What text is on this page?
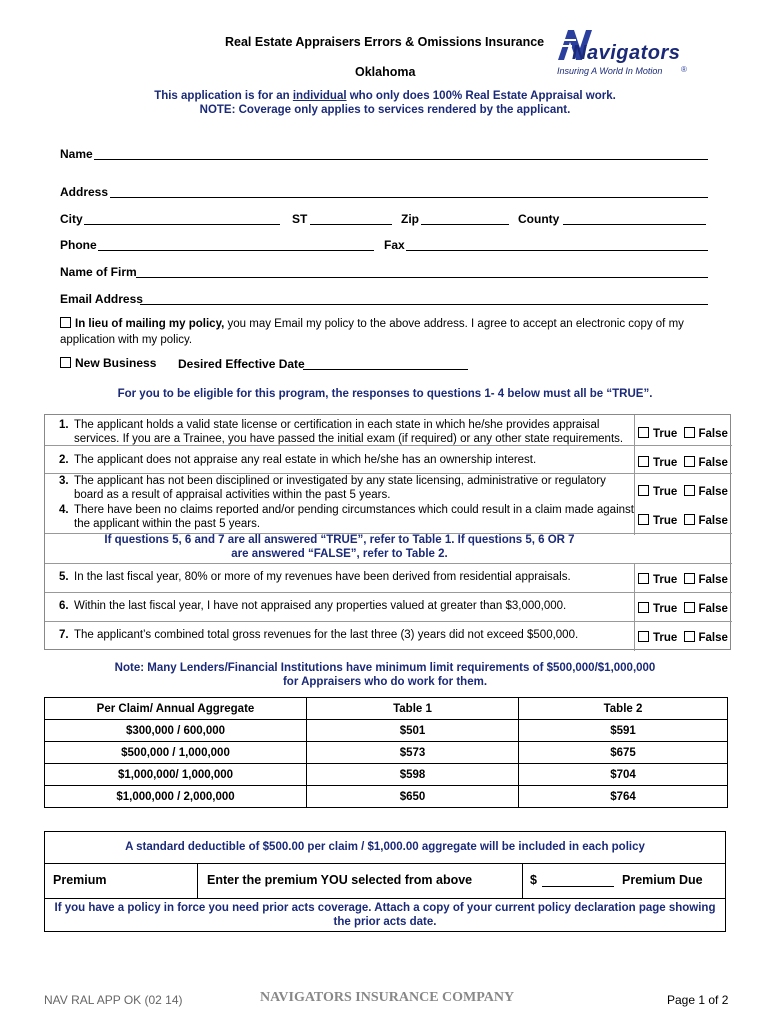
Real Estate Appraisers Errors & Omissions Insurance
Oklahoma
Navigators
Insuring A World In Motion ®
This application is for an individual who only does 100% Real Estate Appraisal work.
NOTE: Coverage only applies to services rendered by the applicant.
Name
Address
City	ST	Zip	County
Phone	Fax
Name of Firm
Email Address
In lieu of mailing my policy, you may Email my policy to the above address. I agree to accept an electronic copy of my
application with my policy.
New Business Desired Effective Date
For you to be eligible for this program, the responses to questions 1- 4 below must all be “TRUE”.
1. The applicant holds a valid state license or certification in each state in which he/she provides appraisal services. If you are a Trainee, you have passed the initial exam (if required) or any other state requirements.	True False
2. The applicant does not appraise any real estate in which he/she has an ownership interest.	True False
3. The applicant has not been disciplined or investigated by any state licensing, administrative or regulatory board as a result of appraisal activities within the past 5 years.	True False
4. There have been no claims reported and/or pending circumstances which could result in a claim made against the applicant within the past 5 years.	True False
If questions 5, 6 and 7 are all answered “TRUE”, refer to Table 1. If questions 5, 6 OR 7
are answered “FALSE”, refer to Table 2.
5. In the last fiscal year, 80% or more of my revenues have been derived from residential appraisals.	True False
6. Within the last fiscal year, I have not appraised any properties valued at greater than $3,000,000.	True False
7. The applicant’s combined total gross revenues for the last three (3) years did not exceed $500,000.	True False
Note: Many Lenders/Financial Institutions have minimum limit requirements of $500,000/$1,000,000
for Appraisers who do work for them.
Per Claim/ Annual Aggregate	Table 1	Table 2
$300,000 / 600,000	$501	$591
$500,000 / 1,000,000	$573	$675
$1,000,000/ 1,000,000	$598	$704
$1,000,000 / 2,000,000	$650	$764
A standard deductible of $500.00 per claim / $1,000.00 aggregate will be included in each policy
Premium	Enter the premium YOU selected from above	$	Premium Due
If you have a policy in force you need prior acts coverage. Attach a copy of your current policy declaration page showing
the prior acts date.
NAV RAL APP OK (02 14)	NAVIGATORS INSURANCE COMPANY	Page 1 of 2
